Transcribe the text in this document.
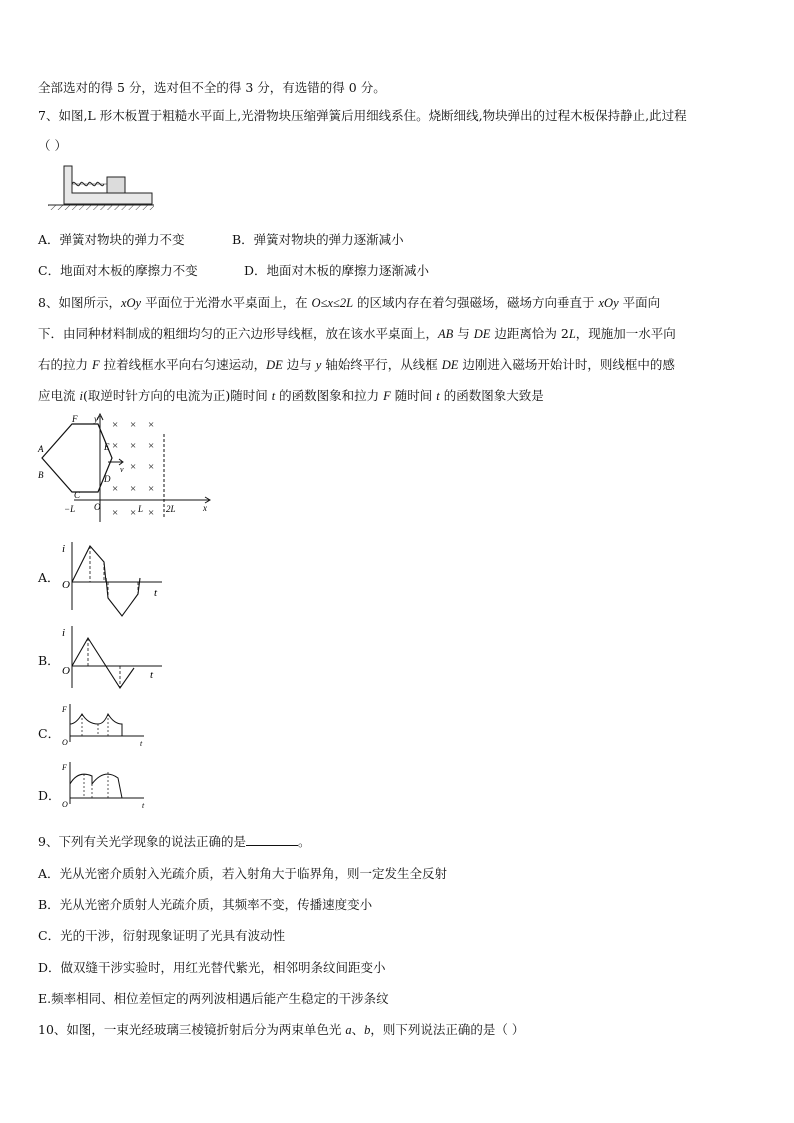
全部选对的得 5 分，选对但不全的得 3 分，有选错的得 0 分。
7、如图,L 形木板置于粗糙水平面上,光滑物块压缩弹簧后用细线系住。烧断细线,物块弹出的过程木板保持静止,此过程
（ ）
A．弹簧对物块的弹力不变	B．弹簧对物块的弹力逐渐减小
C．地面对木板的摩擦力不变	D．地面对木板的摩擦力逐渐减小
8、如图所示，xOy 平面位于光滑水平桌面上，在 O≤x≤2L 的区域内存在着匀强磁场，磁场方向垂直于 xOy 平面向
下．由同种材料制成的粗细均匀的正六边形导线框，放在该水平桌面上，AB 与 DE 边距离恰为 2L，现施加一水平向
右的拉力 F 拉着线框水平向右匀速运动，DE 边与 y 轴始终平行，从线框 DE 边刚进入磁场开始计时，则线框中的感
应电流 i(取逆时针方向的电流为正)随时间 t 的函数图象和拉力 F 随时间 t 的函数图象大致是
y
x
F
A
B
C
E
D
v
× × ×
× × ×
× ×
× × ×
× × ×
−L O	L	2L
A．
i
O
t
B．
i
O	t
C．
F
O	t
D．
F
O	t
9、下列有关光学现象的说法正确的是	。
A．光从光密介质射入光疏介质，若入射角大于临界角，则一定发生全反射
B．光从光密介质射人光疏介质，其频率不变，传播速度变小
C．光的干涉，衍射现象证明了光具有波动性
D．做双缝干涉实验时，用红光替代紫光，相邻明条纹间距变小
E.频率相同、相位差恒定的两列波相遇后能产生稳定的干涉条纹
10、如图，一束光经玻璃三棱镜折射后分为两束单色光 a、b，则下列说法正确的是（ ）
